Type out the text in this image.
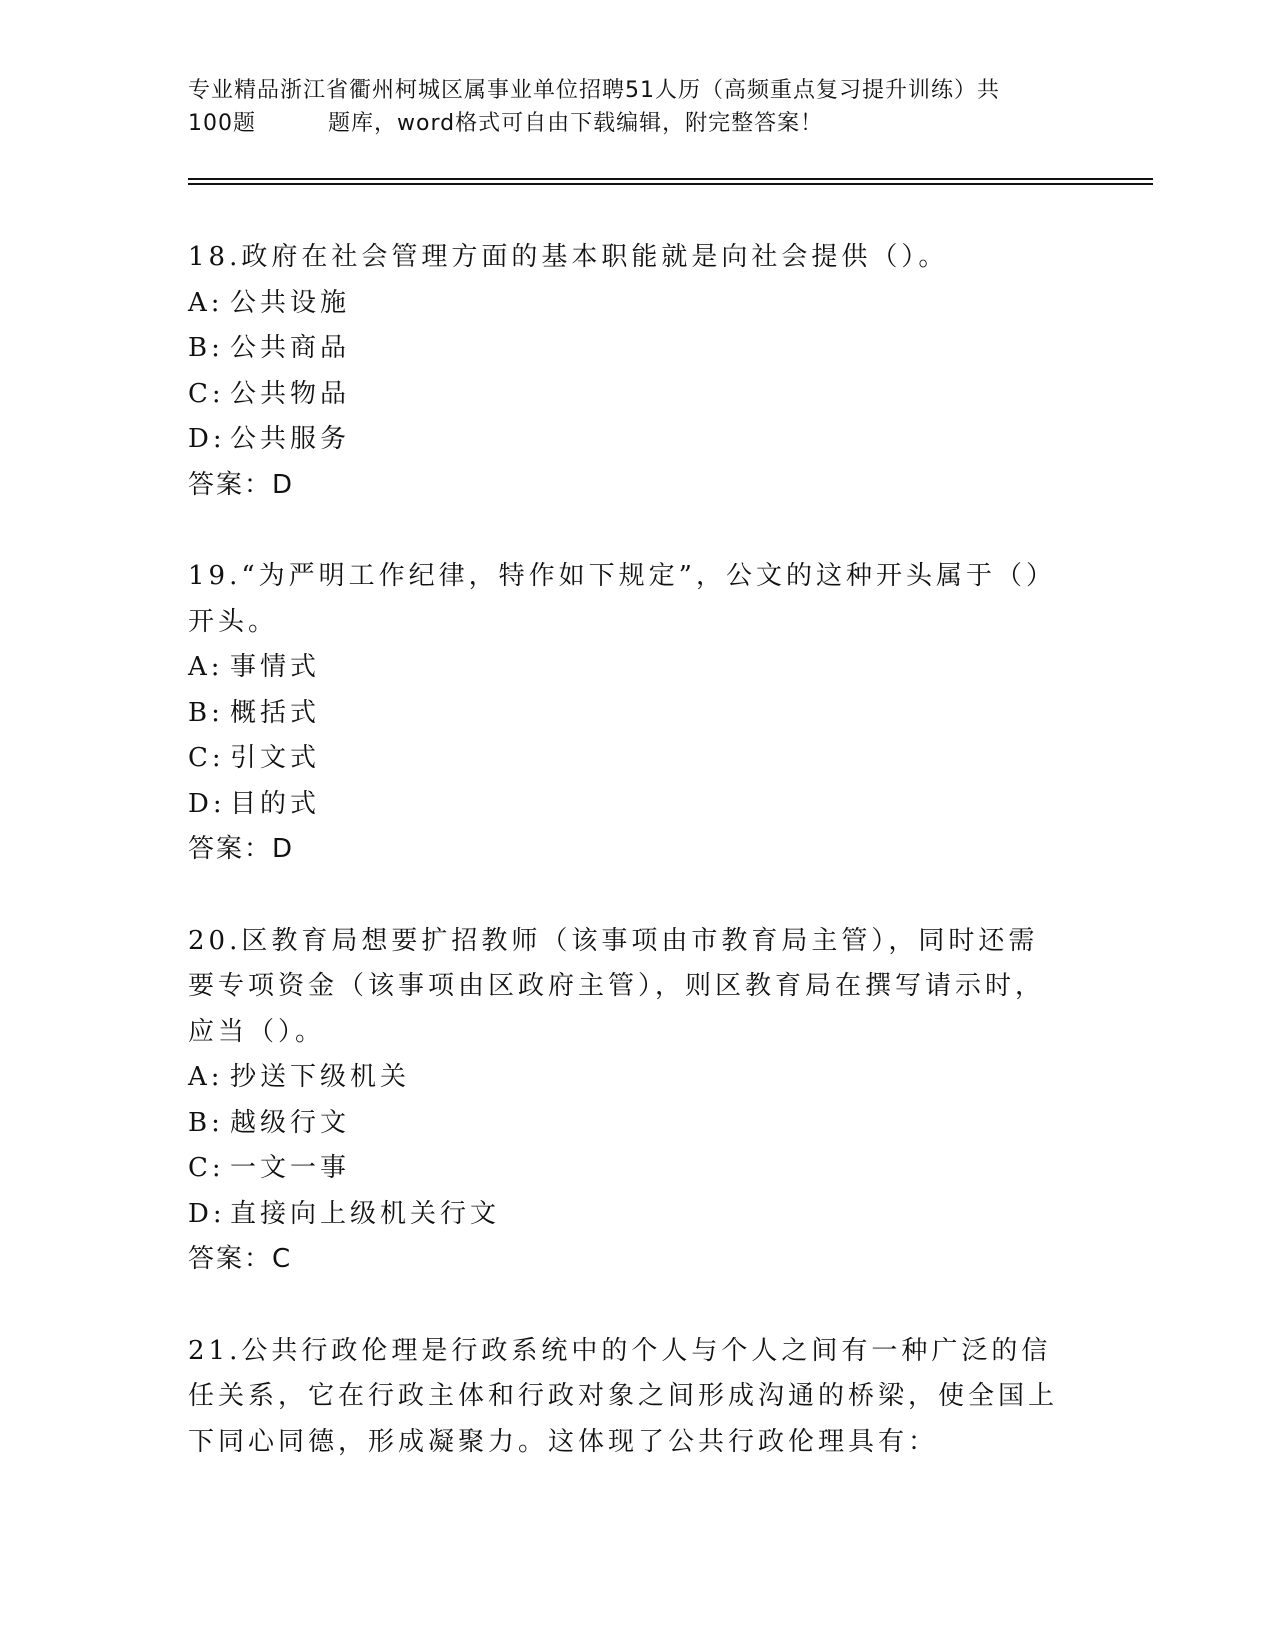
专业精品浙江省衢州柯城区属事业单位招聘51人历（高频重点复习提升训练）共
100题	题库，word格式可自由下载编辑，附完整答案！
18.政府在社会管理方面的基本职能就是向社会提供（）。
A: 公共设施
B: 公共商品
C: 公共物品
D: 公共服务
答案：D
19.“为严明工作纪律，特作如下规定”，公文的这种开头属于（）开头。
A: 事情式
B: 概括式
C: 引文式
D: 目的式
答案：D
20.区教育局想要扩招教师（该事项由市教育局主管），同时还需要专项资金（该事项由区政府主管），则区教育局在撰写请示时，应当（）。
A: 抄送下级机关
B: 越级行文
C: 一文一事
D: 直接向上级机关行文
答案：C
21.公共行政伦理是行政系统中的个人与个人之间有一种广泛的信任关系，它在行政主体和行政对象之间形成沟通的桥梁，使全国上下同心同德，形成凝聚力。这体现了公共行政伦理具有：
